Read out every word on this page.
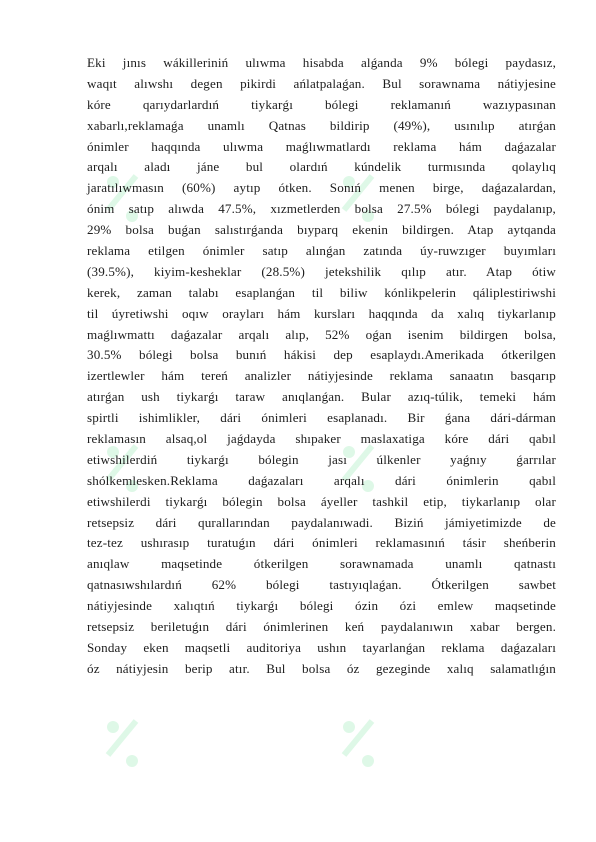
Eki jınıs wákilleriniń ulıwma hisabda alǵanda 9% bólegi paydasız,
waqıt alıwshı degen pikirdi ańlatpalaǵan. Bul sorawnama nátiyjesine
kóre qarıydarlardıń tiykarǵı bólegi reklamanıń wazıypasınan
xabarlı,reklamaǵa unamlı Qatnas bildirip (49%), usınılıp atırǵan
ónimler haqqında ulıwma maǵlıwmatlardı reklama hám daǵazalar
arqalı aladı jáne bul olardıń kúndelik turmısında qolaylıq
jaratılıwmasın (60%) aytıp ótken. Sonıń menen birge, daǵazalardan,
ónim satıp alıwda 47.5%, xızmetlerden bolsa 27.5% bólegi paydalanıp,
29% bolsa buǵan salıstırǵanda bıyparq ekenin bildirgen. Atap aytqanda
reklama etilgen ónimler satıp alınǵan zatında úy-ruwzıger buyımları
(39.5%), kiyim-kesheklar (28.5%) jetekshilik qılıp atır. Atap ótiw
kerek, zaman talabı esaplanǵan til biliw kónlikpelerin qáliplestiriwshi
til úyretiwshi oqıw orayları hám kursları haqqında da xalıq tiykarlanıp
maǵlıwmattı daǵazalar arqalı alıp, 52% oǵan isenim bildirgen bolsa,
30.5% bólegi bolsa bunıń hákisi dep esaplaydı.Amerikada ótkerilgen
izertlewler hám tereń analizler nátiyjesinde reklama sanaatın basqarıp
atırǵan ush tiykarǵı taraw anıqlanǵan. Bular azıq-túlik, temeki hám
spirtli ishimlikler, dári ónimleri esaplanadı. Bir ǵana dári-dárman
reklamasın alsaq,ol jaǵdayda shıpaker maslaxatiga kóre dári qabıl
etiwshilerdiń tiykarǵı bólegin jası úlkenler yaǵnıy ǵarrılar
shólkemlesken.Reklama daǵazaları arqalı dári ónimlerin qabıl
etiwshilerdi tiykarǵı bólegin bolsa áyeller tashkil etip, tiykarlanıp olar
retsepsiz dári qurallarından paydalanıwadi. Biziń jámiyetimizde de
tez-tez ushırasıp turatuǵın dári ónimleri reklamasınıń tásir sheńberin
anıqlaw maqsetinde ótkerilgen sorawnamada unamlı qatnastı
qatnasıwshılardıń 62% bólegi tastıyıqlaǵan. Ótkerilgen sawbet
nátiyjesinde xalıqtıń tiykarǵı bólegi ózin ózi emlew maqsetinde
retsepsiz beriletuǵın dári ónimlerinen keń paydalanıwın xabar bergen.
Sonday eken maqsetli auditoriya ushın tayarlanǵan reklama daǵazaları
óz nátiyjesin berip atır. Bul bolsa óz gezeginde xalıq salamatlıǵın
